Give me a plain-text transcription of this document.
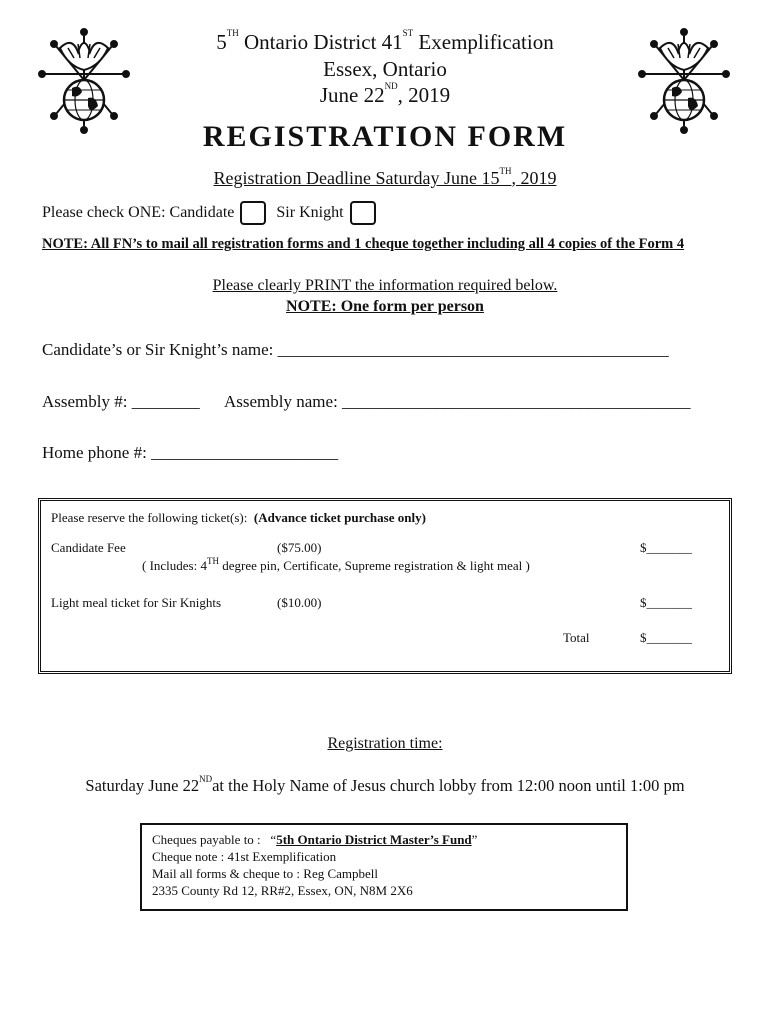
5TH Ontario District 41ST Exemplification
Essex, Ontario
June 22ND, 2019
REGISTRATION FORM
Registration Deadline Saturday June 15TH, 2019
Please check ONE:
Candidate	Sir Knight
NOTE: All FN’s to mail all registration forms and 1 cheque together including all 4 copies of the Form 4
Please clearly PRINT the information required below.
NOTE: One form per person
Candidate’s or Sir Knight’s name: ______________________________________________
Assembly #: ________ Assembly name: _________________________________________
Home phone #: ______________________
Please reserve the following ticket(s): (Advance ticket purchase only)
Candidate Fee	($75.00)	$_______
( Includes: 4TH degree pin, Certificate, Supreme registration & light meal )
Light meal ticket for Sir Knights	($10.00)	$_______
Total	$_______
Registration time:
Saturday June 22NDat the Holy Name of Jesus church lobby from 12:00 noon until 1:00 pm
Cheques payable to : “5th Ontario District Master’s Fund”
Cheque note : 41st Exemplification
Mail all forms & cheque to : Reg Campbell
2335 County Rd 12, RR#2, Essex, ON, N8M 2X6
